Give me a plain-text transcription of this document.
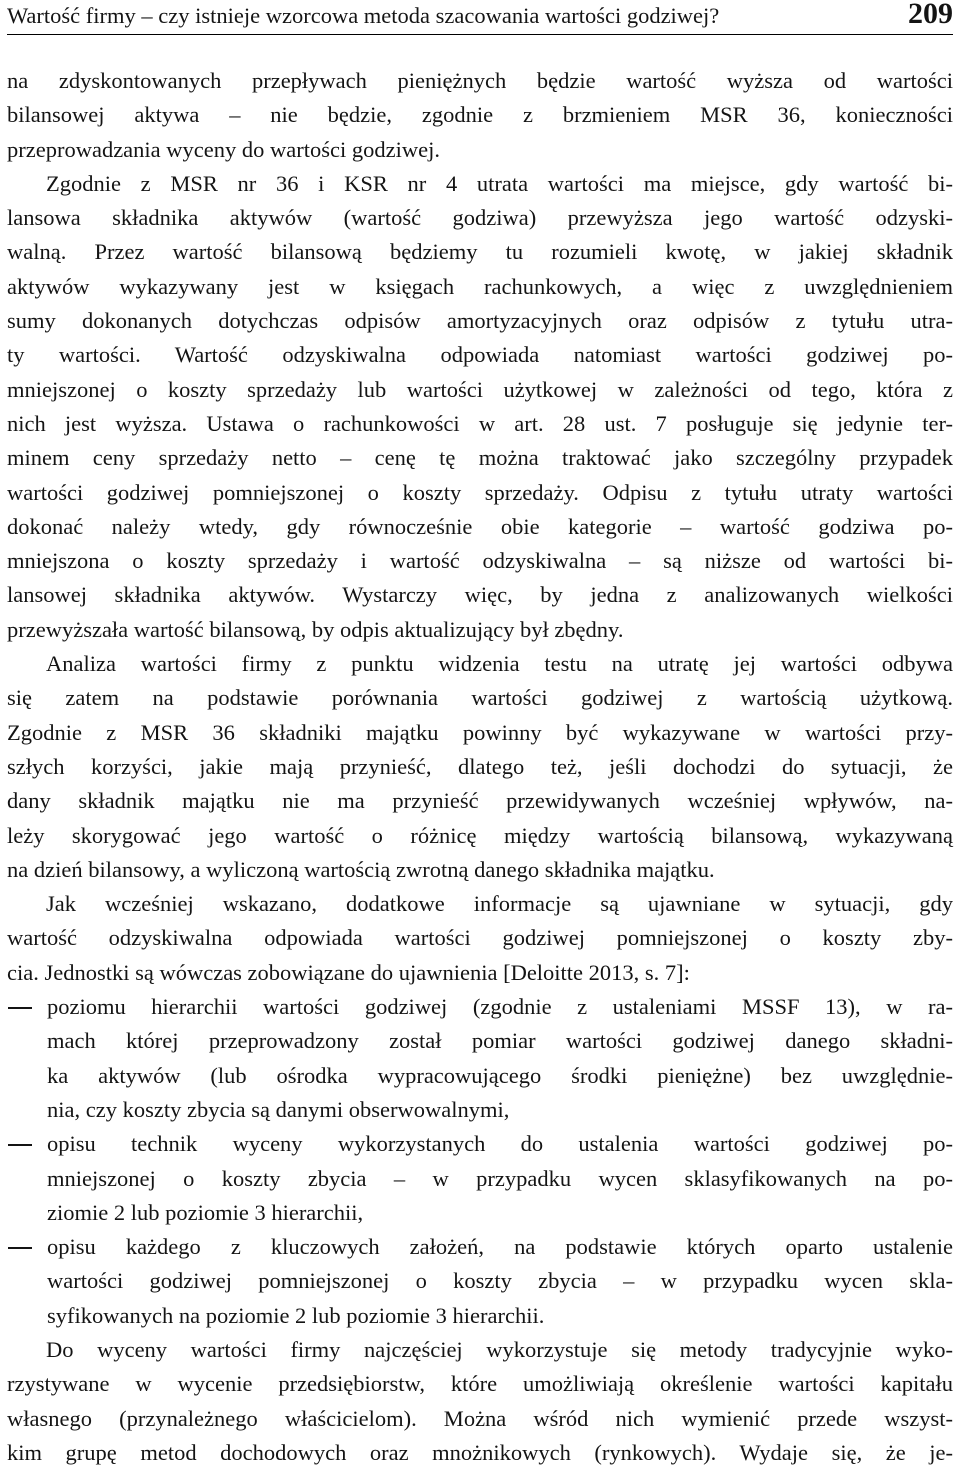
Wartość firmy – czy istnieje wzorcowa metoda szacowania wartości godziwej?	209
na zdyskontowanych przepływach pieniężnych będzie wartość wyższa od wartości
bilansowej aktywa – nie będzie, zgodnie z brzmieniem MSR 36, konieczności
przeprowadzania wyceny do wartości godziwej.
Zgodnie z MSR nr 36 i KSR nr 4 utrata wartości ma miejsce, gdy wartość bi-
lansowa składnika aktywów (wartość godziwa) przewyższa jego wartość odzyski-
walną. Przez wartość bilansową będziemy tu rozumieli kwotę, w jakiej składnik
aktywów wykazywany jest w księgach rachunkowych, a więc z uwzględnieniem
sumy dokonanych dotychczas odpisów amortyzacyjnych oraz odpisów z tytułu utra-
ty wartości. Wartość odzyskiwalna odpowiada natomiast wartości godziwej po-
mniejszonej o koszty sprzedaży lub wartości użytkowej w zależności od tego, która z
nich jest wyższa. Ustawa o rachunkowości w art. 28 ust. 7 posługuje się jedynie ter-
minem ceny sprzedaży netto – cenę tę można traktować jako szczególny przypadek
wartości godziwej pomniejszonej o koszty sprzedaży. Odpisu z tytułu utraty wartości
dokonać należy wtedy, gdy równocześnie obie kategorie – wartość godziwa po-
mniejszona o koszty sprzedaży i wartość odzyskiwalna – są niższe od wartości bi-
lansowej składnika aktywów. Wystarczy więc, by jedna z analizowanych wielkości
przewyższała wartość bilansową, by odpis aktualizujący był zbędny.
Analiza wartości firmy z punktu widzenia testu na utratę jej wartości odbywa
się zatem na podstawie porównania wartości godziwej z wartością użytkową.
Zgodnie z MSR 36 składniki majątku powinny być wykazywane w wartości przy-
szłych korzyści, jakie mają przynieść, dlatego też, jeśli dochodzi do sytuacji, że
dany składnik majątku nie ma przynieść przewidywanych wcześniej wpływów, na-
leży skorygować jego wartość o różnicę między wartością bilansową, wykazywaną
na dzień bilansowy, a wyliczoną wartością zwrotną danego składnika majątku.
Jak wcześniej wskazano, dodatkowe informacje są ujawniane w sytuacji, gdy
wartość odzyskiwalna odpowiada wartości godziwej pomniejszonej o koszty zby-
cia. Jednostki są wówczas zobowiązane do ujawnienia [Deloitte 2013, s. 7]:
poziomu hierarchii wartości godziwej (zgodnie z ustaleniami MSSF 13), w ra-
mach której przeprowadzony został pomiar wartości godziwej danego składni-
ka aktywów (lub ośrodka wypracowującego środki pieniężne) bez uwzględnie-
nia, czy koszty zbycia są danymi obserwowalnymi,
opisu technik wyceny wykorzystanych do ustalenia wartości godziwej po-
mniejszonej o koszty zbycia – w przypadku wycen sklasyfikowanych na po-
ziomie 2 lub poziomie 3 hierarchii,
opisu każdego z kluczowych założeń, na podstawie których oparto ustalenie
wartości godziwej pomniejszonej o koszty zbycia – w przypadku wycen skla-
syfikowanych na poziomie 2 lub poziomie 3 hierarchii.
Do wyceny wartości firmy najczęściej wykorzystuje się metody tradycyjnie wyko-
rzystywane w wycenie przedsiębiorstw, które umożliwiają określenie wartości kapitału
własnego (przynależnego właścicielom). Można wśród nich wymienić przede wszyst-
kim grupę metod dochodowych oraz mnożnikowych (rynkowych). Wydaje się, że je-
